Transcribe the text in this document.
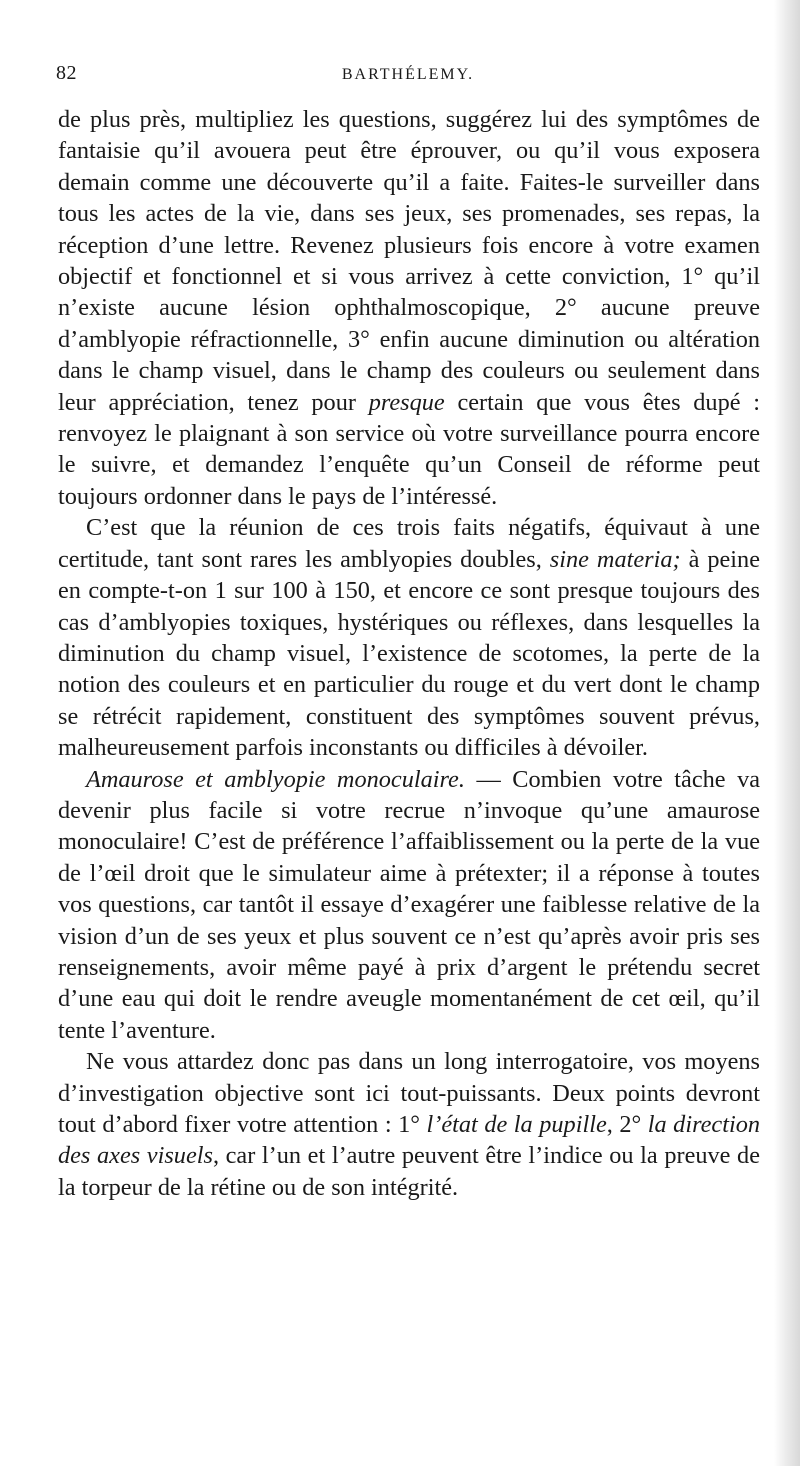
82	BARTHÉLEMY.

de plus près, multipliez les questions, suggérez lui des symptômes de fantaisie qu’il avouera peut être éprouver, ou qu’il vous exposera demain comme une découverte qu’il a faite. Faites-le surveiller dans tous les actes de la vie, dans ses jeux, ses promenades, ses repas, la réception d’une lettre. Revenez plusieurs fois encore à votre examen objectif et fonctionnel et si vous arrivez à cette conviction, 1° qu’il n’existe aucune lésion ophthalmoscopique, 2° aucune preuve d’amblyopie réfractionnelle, 3° enfin aucune diminution ou altération dans le champ visuel, dans le champ des couleurs ou seulement dans leur appréciation, tenez pour presque certain que vous êtes dupé : renvoyez le plaignant à son service où votre surveillance pourra encore le suivre, et demandez l’enquête qu’un Conseil de réforme peut toujours ordonner dans le pays de l’intéressé.

C’est que la réunion de ces trois faits négatifs, équivaut à une certitude, tant sont rares les amblyopies doubles, sine materia; à peine en compte-t-on 1 sur 100 à 150, et encore ce sont presque toujours des cas d’amblyopies toxiques, hystériques ou réflexes, dans lesquelles la diminution du champ visuel, l’existence de scotomes, la perte de la notion des couleurs et en particulier du rouge et du vert dont le champ se rétrécit rapidement, constituent des symptômes souvent prévus, malheureusement parfois inconstants ou difficiles à dévoiler.

Amaurose et amblyopie monoculaire. — Combien votre tâche va devenir plus facile si votre recrue n’invoque qu’une amaurose monoculaire! C’est de préférence l’affaiblissement ou la perte de la vue de l’œil droit que le simulateur aime à prétexter; il a réponse à toutes vos questions, car tantôt il essaye d’exagérer une faiblesse relative de la vision d’un de ses yeux et plus souvent ce n’est qu’après avoir pris ses renseignements, avoir même payé à prix d’argent le prétendu secret d’une eau qui doit le rendre aveugle momentanément de cet œil, qu’il tente l’aventure.

Ne vous attardez donc pas dans un long interrogatoire, vos moyens d’investigation objective sont ici tout-puissants. Deux points devront tout d’abord fixer votre attention : 1° l’état de la pupille, 2° la direction des axes visuels, car l’un et l’autre peuvent être l’indice ou la preuve de la torpeur de la rétine ou de son intégrité.
